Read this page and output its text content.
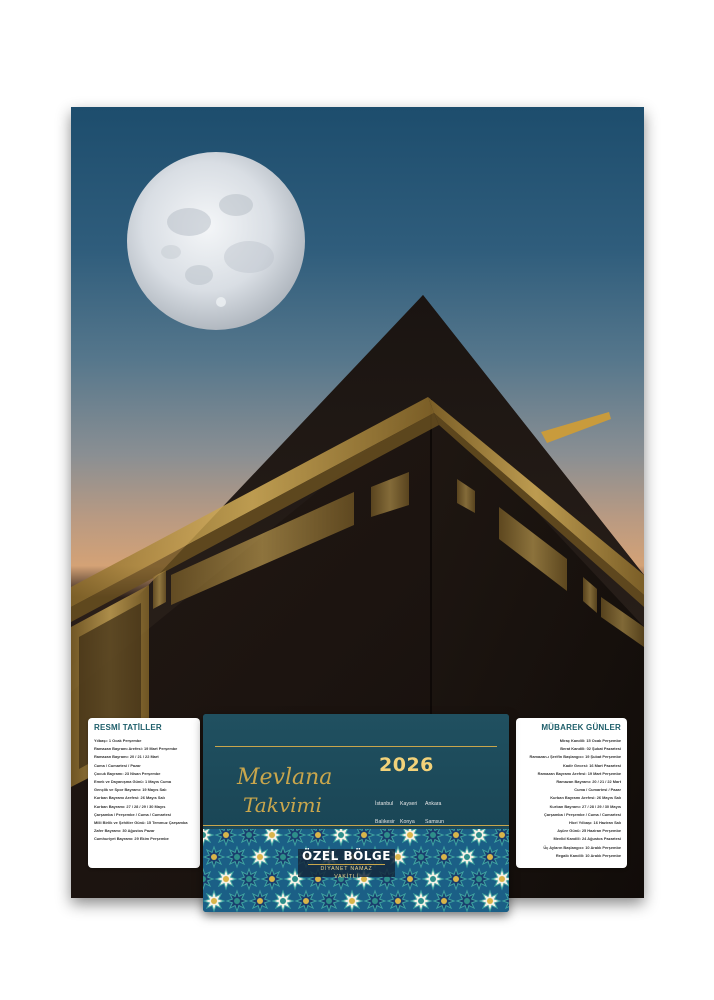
RESMİ TATİLLER
Yılbaşı: 1 Ocak Perşembe
Ramazan Bayramı Arefesi: 19 Mart Perşembe
Ramazan Bayramı: 20 / 21 / 22 Mart
Cuma / Cumartesi / Pazar
Çocuk Bayramı: 23 Nisan Perşembe
Emek ve Dayanışma Günü: 1 Mayıs Cuma
Gençlik ve Spor Bayramı: 19 Mayıs Salı
Kurban Bayramı Arefesi: 26 Mayıs Salı
Kurban Bayramı: 27 / 28 / 29 / 30 Mayıs
Çarşamba / Perşembe / Cuma / Cumartesi
Milli Birlik ve Şehitler Günü: 15 Temmuz Çarşamba
Zafer Bayramı: 30 Ağustos Pazar
Cumhuriyet Bayramı: 29 Ekim Perşembe
MÜBAREK GÜNLER
Miraç Kandili: 15 Ocak Perşembe
Berat Kandili: 02 Şubat Pazartesi
Ramazan-ı Şerifin Başlangıcı: 19 Şubat Perşembe
Kadir Gecesi: 16 Mart Pazartesi
Ramazan Bayramı Arefesi: 19 Mart Perşembe
Ramazan Bayramı: 20 / 21 / 22 Mart
Cuma / Cumartesi / Pazar
Kurban Bayramı Arefesi: 26 Mayıs Salı
Kurban Bayramı: 27 / 28 / 29 / 30 Mayıs
Çarşamba / Perşembe / Cuma / Cumartesi
Hicri Yılbaşı: 16 Haziran Salı
Aşüre Günü: 25 Haziran Perşembe
Mevlid Kandili: 24 Ağustos Pazartesi
Üç Ayların Başlangıcı: 10 Aralık Perşembe
Regaib Kandili: 10 Aralık Perşembe
Mevlana
Takvimi
2026
İstanbul Kayseri AnkaraBalıkesir Konya Samsun
ÖZEL BÖLGE
DİYANET NAMAZ VAKİTLİ
